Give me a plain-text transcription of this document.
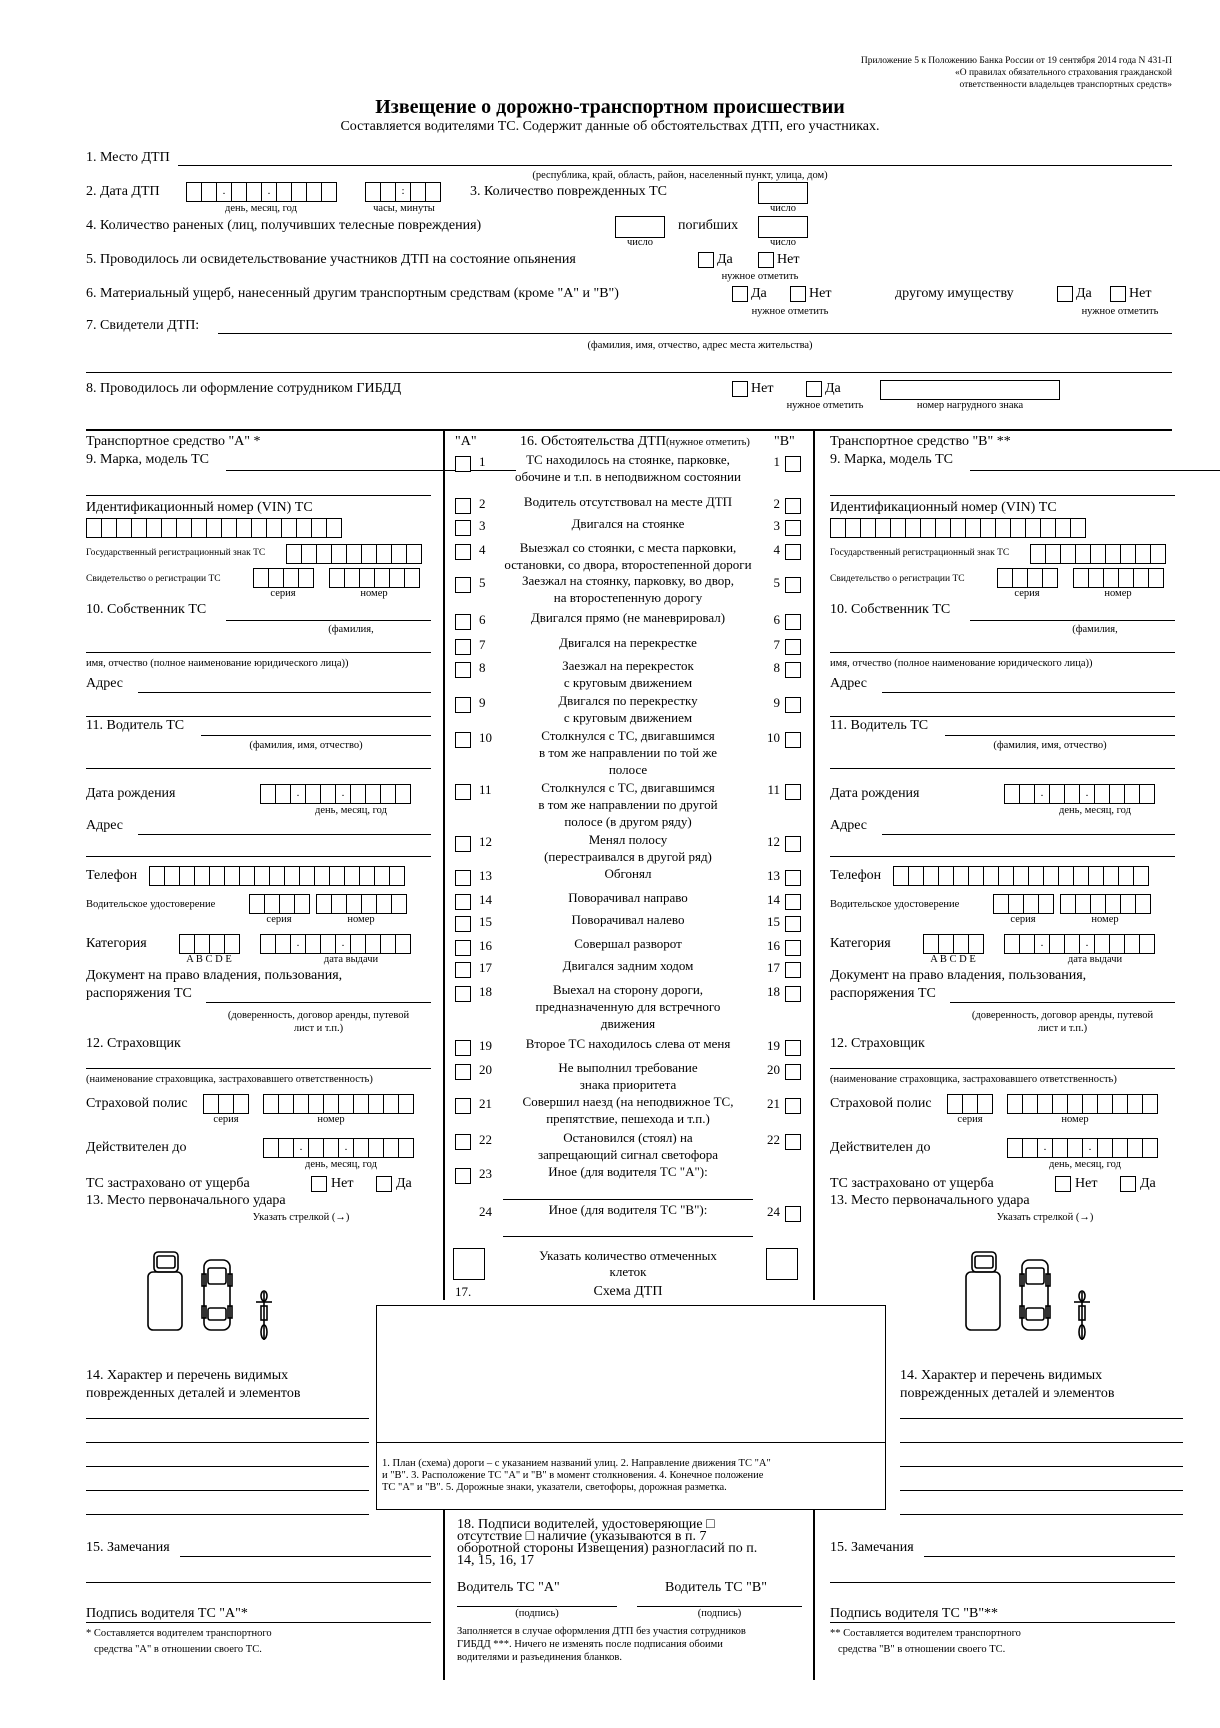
Приложение 5 к Положению Банка России от 19 сентября 2014 года N 431-П
«О правилах обязательного страхования гражданской
ответственности владельцев транспортных средств»
Извещение о дорожно-транспортном происшествии
Составляется водителями ТС. Содержит данные об обстоятельствах ДТП, его участниках.
1. Место ДТП
(республика, край, область, район, населенный пункт, улица, дом)
2. Дата ДТП	.	.
день, месяц, год
:
часы, минуты
3. Количество поврежденных ТС
число
4. Количество раненых (лиц, получивших телесные повреждения)
число
погибших
число
5. Проводилось ли освидетельствование участников ДТП на состояние опьянения	Да	Нет
нужное отметить
6. Материальный ущерб, нанесенный другим транспортным средствам (кроме "А" и "В")	Да	Нет
нужное отметить
другому имуществу	Да	Нет
нужное отметить
7. Свидетели ДТП:
(фамилия, имя, отчество, адрес места жительства)
8. Проводилось ли оформление сотрудником ГИБДД	Нет	Да
нужное отметить	номер нагрудного знака
Транспортное средство "А" *
9. Марка, модель ТС
Идентификационный номер (VIN) ТС
Государственный регистрационный знак ТС
Свидетельство о регистрации ТС
серия	номер
10. Собственник ТС
(фамилия,
имя, отчество (полное наименование юридического лица))
Адрес
11. Водитель ТС
(фамилия, имя, отчество)
Дата рождения	.	.
день, месяц, год
Адрес
Телефон
Водительское удостоверение
серия	номер
Категория
A B C D E
.	.
дата выдачи
Документ на право владения, пользования,
распоряжения ТС
(доверенность, договор аренды, путевой
лист и т.п.)
12. Страховщик
(наименование страховщика, застраховавшего ответственность)
Страховой полис
серия	номер
Действителен до	.	.
день, месяц, год
ТС застраховано от ущерба	Нет	Да
13. Место первоначального удара
Указать стрелкой (→)
Транспортное средство "В" **
9. Марка, модель ТС
Идентификационный номер (VIN) ТС
Государственный регистрационный знак ТС
Свидетельство о регистрации ТС
серия	номер
10. Собственник ТС
(фамилия,
имя, отчество (полное наименование юридического лица))
Адрес
11. Водитель ТС
(фамилия, имя, отчество)
Дата рождения	.	.
день, месяц, год
Адрес
Телефон
Водительское удостоверение
серия	номер
Категория
A B C D E
.	.
дата выдачи
Документ на право владения, пользования,
распоряжения ТС
(доверенность, договор аренды, путевой
лист и т.п.)
12. Страховщик
(наименование страховщика, застраховавшего ответственность)
Страховой полис
серия	номер
Действителен до	.	.
день, месяц, год
ТС застраховано от ущерба	Нет	Да
13. Место первоначального удара
Указать стрелкой (→)
14. Характер и перечень видимых
поврежденных деталей и элементов
15. Замечания
Подпись водителя ТС "А"*
* Составляется водителем транспортного
средства "А" в отношении своего ТС.
14. Характер и перечень видимых
поврежденных деталей и элементов
15. Замечания
Подпись водителя ТС "В"**
** Составляется водителем транспортного
средства "В" в отношении своего ТС.
"А"	16. Обстоятельства ДТП (нужное отметить) "В"
1	1
ТС находилось на стоянке, парковке,
обочине и т.п. в неподвижном состоянии
2	2
Водитель отсутствовал на месте ДТП
3	3
Двигался на стоянке
4	4
Выезжал со стоянки, с места парковки,
остановки, со двора, второстепенной дороги
5	5
Заезжал на стоянку, парковку, во двор,
на второстепенную дорогу
6	6
Двигался прямо (не маневрировал)
7	7
Двигался на перекрестке
8	8
Заезжал на перекресток
с круговым движением
9	9
Двигался по перекрестку
с круговым движением
10	10
Столкнулся с ТС, двигавшимся
в том же направлении по той же
полосе
11	11
Столкнулся с ТС, двигавшимся
в том же направлении по другой
полосе (в другом ряду)
12	12
Менял полосу
(перестраивался в другой ряд)
13	13
Обгонял
14	14
Поворачивал направо
15	15
Поворачивал налево
16	16
Совершал разворот
17	17
Двигался задним ходом
18	18
Выехал на сторону дороги,
предназначенную для встречного
движения
19	19
Второе ТС находилось слева от меня
20	20
Не выполнил требование
знака приоритета
21	21
Совершил наезд (на неподвижное ТС,
препятствие, пешехода и т.п.)
22	22
Остановился (стоял) на
запрещающий сигнал светофора
23	Иное (для водителя ТС "А"):
24	24
Иное (для водителя ТС "В"):
Указать количество отмеченных
клеток
17.	Схема ДТП
1. План (схема) дороги – с указанием названий улиц. 2. Направление движения ТС "А"
и "В". 3. Расположение ТС "А" и "В" в момент столкновения. 4. Конечное положение
ТС "А" и "В". 5. Дорожные знаки, указатели, светофоры, дорожная разметка.
18. Подписи водителей, удостоверяющие □
отсутствие □ наличие (указываются в п. 7
оборотной стороны Извещения) разногласий по п.
14, 15, 16, 17
Водитель ТС "А"	Водитель ТС "В"
(подпись)	(подпись)
Заполняется в случае оформления ДТП без участия сотрудников
ГИБДД ***. Ничего не изменять после подписания обоими
водителями и разъединения бланков.
